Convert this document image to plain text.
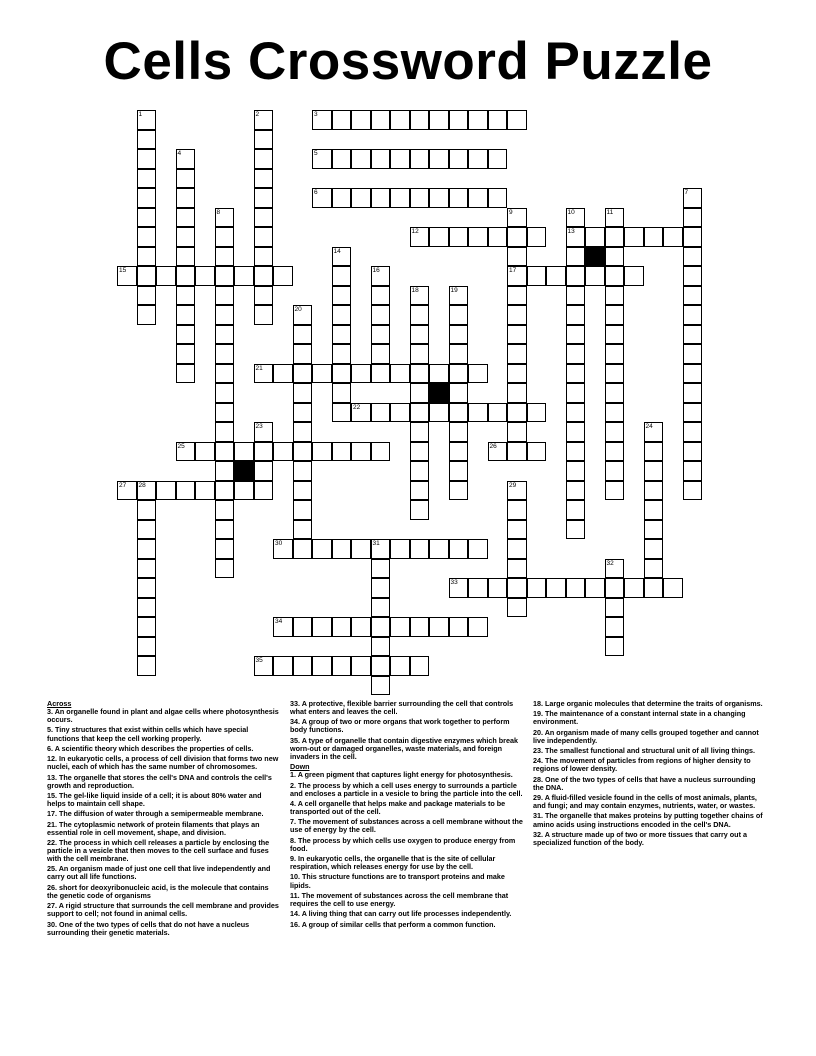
Cells Crossword Puzzle
3
5
6
12	13
15	17
21
22
25	26
27 28
30	31
33
34
35
1	2
4
7
8	9	10	11
14
16
18	19
20
23	24
29
32
Across
3. An organelle found in plant and algae cells where photosynthesis occurs.
5. Tiny structures that exist within cells which have special functions that keep the cell working properly.
6. A scientific theory which describes the properties of cells.
12. In eukaryotic cells, a process of cell division that forms two new nuclei, each of which has the same number of chromosomes.
13. The organelle that stores the cell's DNA and controls the cell's growth and reproduction.
15. The gel-like liquid inside of a cell; it is about 80% water and helps to maintain cell shape.
17. The diffusion of water through a semipermeable membrane.
21. The cytoplasmic network of protein filaments that plays an essential role in cell movement, shape, and division.
22. The process in which cell releases a particle by enclosing the particle in a vesicle that then moves to the cell surface and fuses with the cell membrane.
25. An organism made of just one cell that live independently and carry out all life functions.
26. short for deoxyribonucleic acid, is the molecule that contains the genetic code of organisms
27. A rigid structure that surrounds the cell membrane and provides support to cell; not found in animal cells.
30. One of the two types of cells that do not have a nucleus surrounding their genetic materials.
33. A protective, flexible barrier surrounding the cell that controls what enters and leaves the cell.
34. A group of two or more organs that work together to perform body functions.
35. A type of organelle that contain digestive enzymes which break worn-out or damaged organelles, waste materials, and foreign invaders in the cell.
Down
1. A green pigment that captures light energy for photosynthesis.
2. The process by which a cell uses energy to surrounds a particle and encloses a particle in a vesicle to bring the particle into the cell.
4. A cell organelle that helps make and package materials to be transported out of the cell.
7. The movement of substances across a cell membrane without the use of energy by the cell.
8. The process by which cells use oxygen to produce energy from food.
9. In eukaryotic cells, the organelle that is the site of cellular respiration, which releases energy for use by the cell.
10. This structure functions are to transport proteins and make lipids.
11. The movement of substances across the cell membrane that requires the cell to use energy.
14. A living thing that can carry out life processes independently.
16. A group of similar cells that perform a common function.
18. Large organic molecules that determine the traits of organisms.
19. The maintenance of a constant internal state in a changing environment.
20. An organism made of many cells grouped together and cannot live independently.
23. The smallest functional and structural unit of all living things.
24. The movement of particles from regions of higher density to regions of lower density.
28. One of the two types of cells that have a nucleus surrounding the DNA.
29. A fluid-filled vesicle found in the cells of most animals, plants, and fungi; and may contain enzymes, nutrients, water, or wastes.
31. The organelle that makes proteins by putting together chains of amino acids using instructions encoded in the cell's DNA.
32. A structure made up of two or more tissues that carry out a specialized function of the body.
